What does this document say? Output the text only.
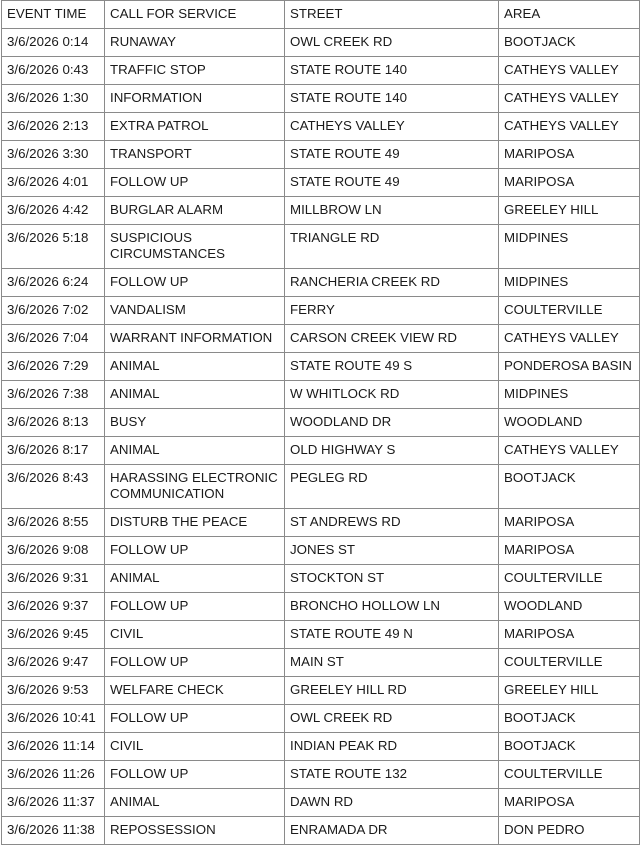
EVENT TIME	CALL FOR SERVICE	STREET	AREA
3/6/2026 0:14	RUNAWAY	OWL CREEK RD	BOOTJACK
3/6/2026 0:43	TRAFFIC STOP	STATE ROUTE 140	CATHEYS VALLEY
3/6/2026 1:30	INFORMATION	STATE ROUTE 140	CATHEYS VALLEY
3/6/2026 2:13	EXTRA PATROL	CATHEYS VALLEY	CATHEYS VALLEY
3/6/2026 3:30	TRANSPORT	STATE ROUTE 49	MARIPOSA
3/6/2026 4:01	FOLLOW UP	STATE ROUTE 49	MARIPOSA
3/6/2026 4:42	BURGLAR ALARM	MILLBROW LN	GREELEY HILL
3/6/2026 5:18	SUSPICIOUS CIRCUMSTANCES	TRIANGLE RD	MIDPINES
3/6/2026 6:24	FOLLOW UP	RANCHERIA CREEK RD	MIDPINES
3/6/2026 7:02	VANDALISM	FERRY	COULTERVILLE
3/6/2026 7:04	WARRANT INFORMATION	CARSON CREEK VIEW RD	CATHEYS VALLEY
3/6/2026 7:29	ANIMAL	STATE ROUTE 49 S	PONDEROSA BASIN
3/6/2026 7:38	ANIMAL	W WHITLOCK RD	MIDPINES
3/6/2026 8:13	BUSY	WOODLAND DR	WOODLAND
3/6/2026 8:17	ANIMAL	OLD HIGHWAY S	CATHEYS VALLEY
3/6/2026 8:43	HARASSING ELECTRONIC COMMUNICATION	PEGLEG RD	BOOTJACK
3/6/2026 8:55	DISTURB THE PEACE	ST ANDREWS RD	MARIPOSA
3/6/2026 9:08	FOLLOW UP	JONES ST	MARIPOSA
3/6/2026 9:31	ANIMAL	STOCKTON ST	COULTERVILLE
3/6/2026 9:37	FOLLOW UP	BRONCHO HOLLOW LN	WOODLAND
3/6/2026 9:45	CIVIL	STATE ROUTE 49 N	MARIPOSA
3/6/2026 9:47	FOLLOW UP	MAIN ST	COULTERVILLE
3/6/2026 9:53	WELFARE CHECK	GREELEY HILL RD	GREELEY HILL
3/6/2026 10:41	FOLLOW UP	OWL CREEK RD	BOOTJACK
3/6/2026 11:14	CIVIL	INDIAN PEAK RD	BOOTJACK
3/6/2026 11:26	FOLLOW UP	STATE ROUTE 132	COULTERVILLE
3/6/2026 11:37	ANIMAL	DAWN RD	MARIPOSA
3/6/2026 11:38	REPOSSESSION	ENRAMADA DR	DON PEDRO
